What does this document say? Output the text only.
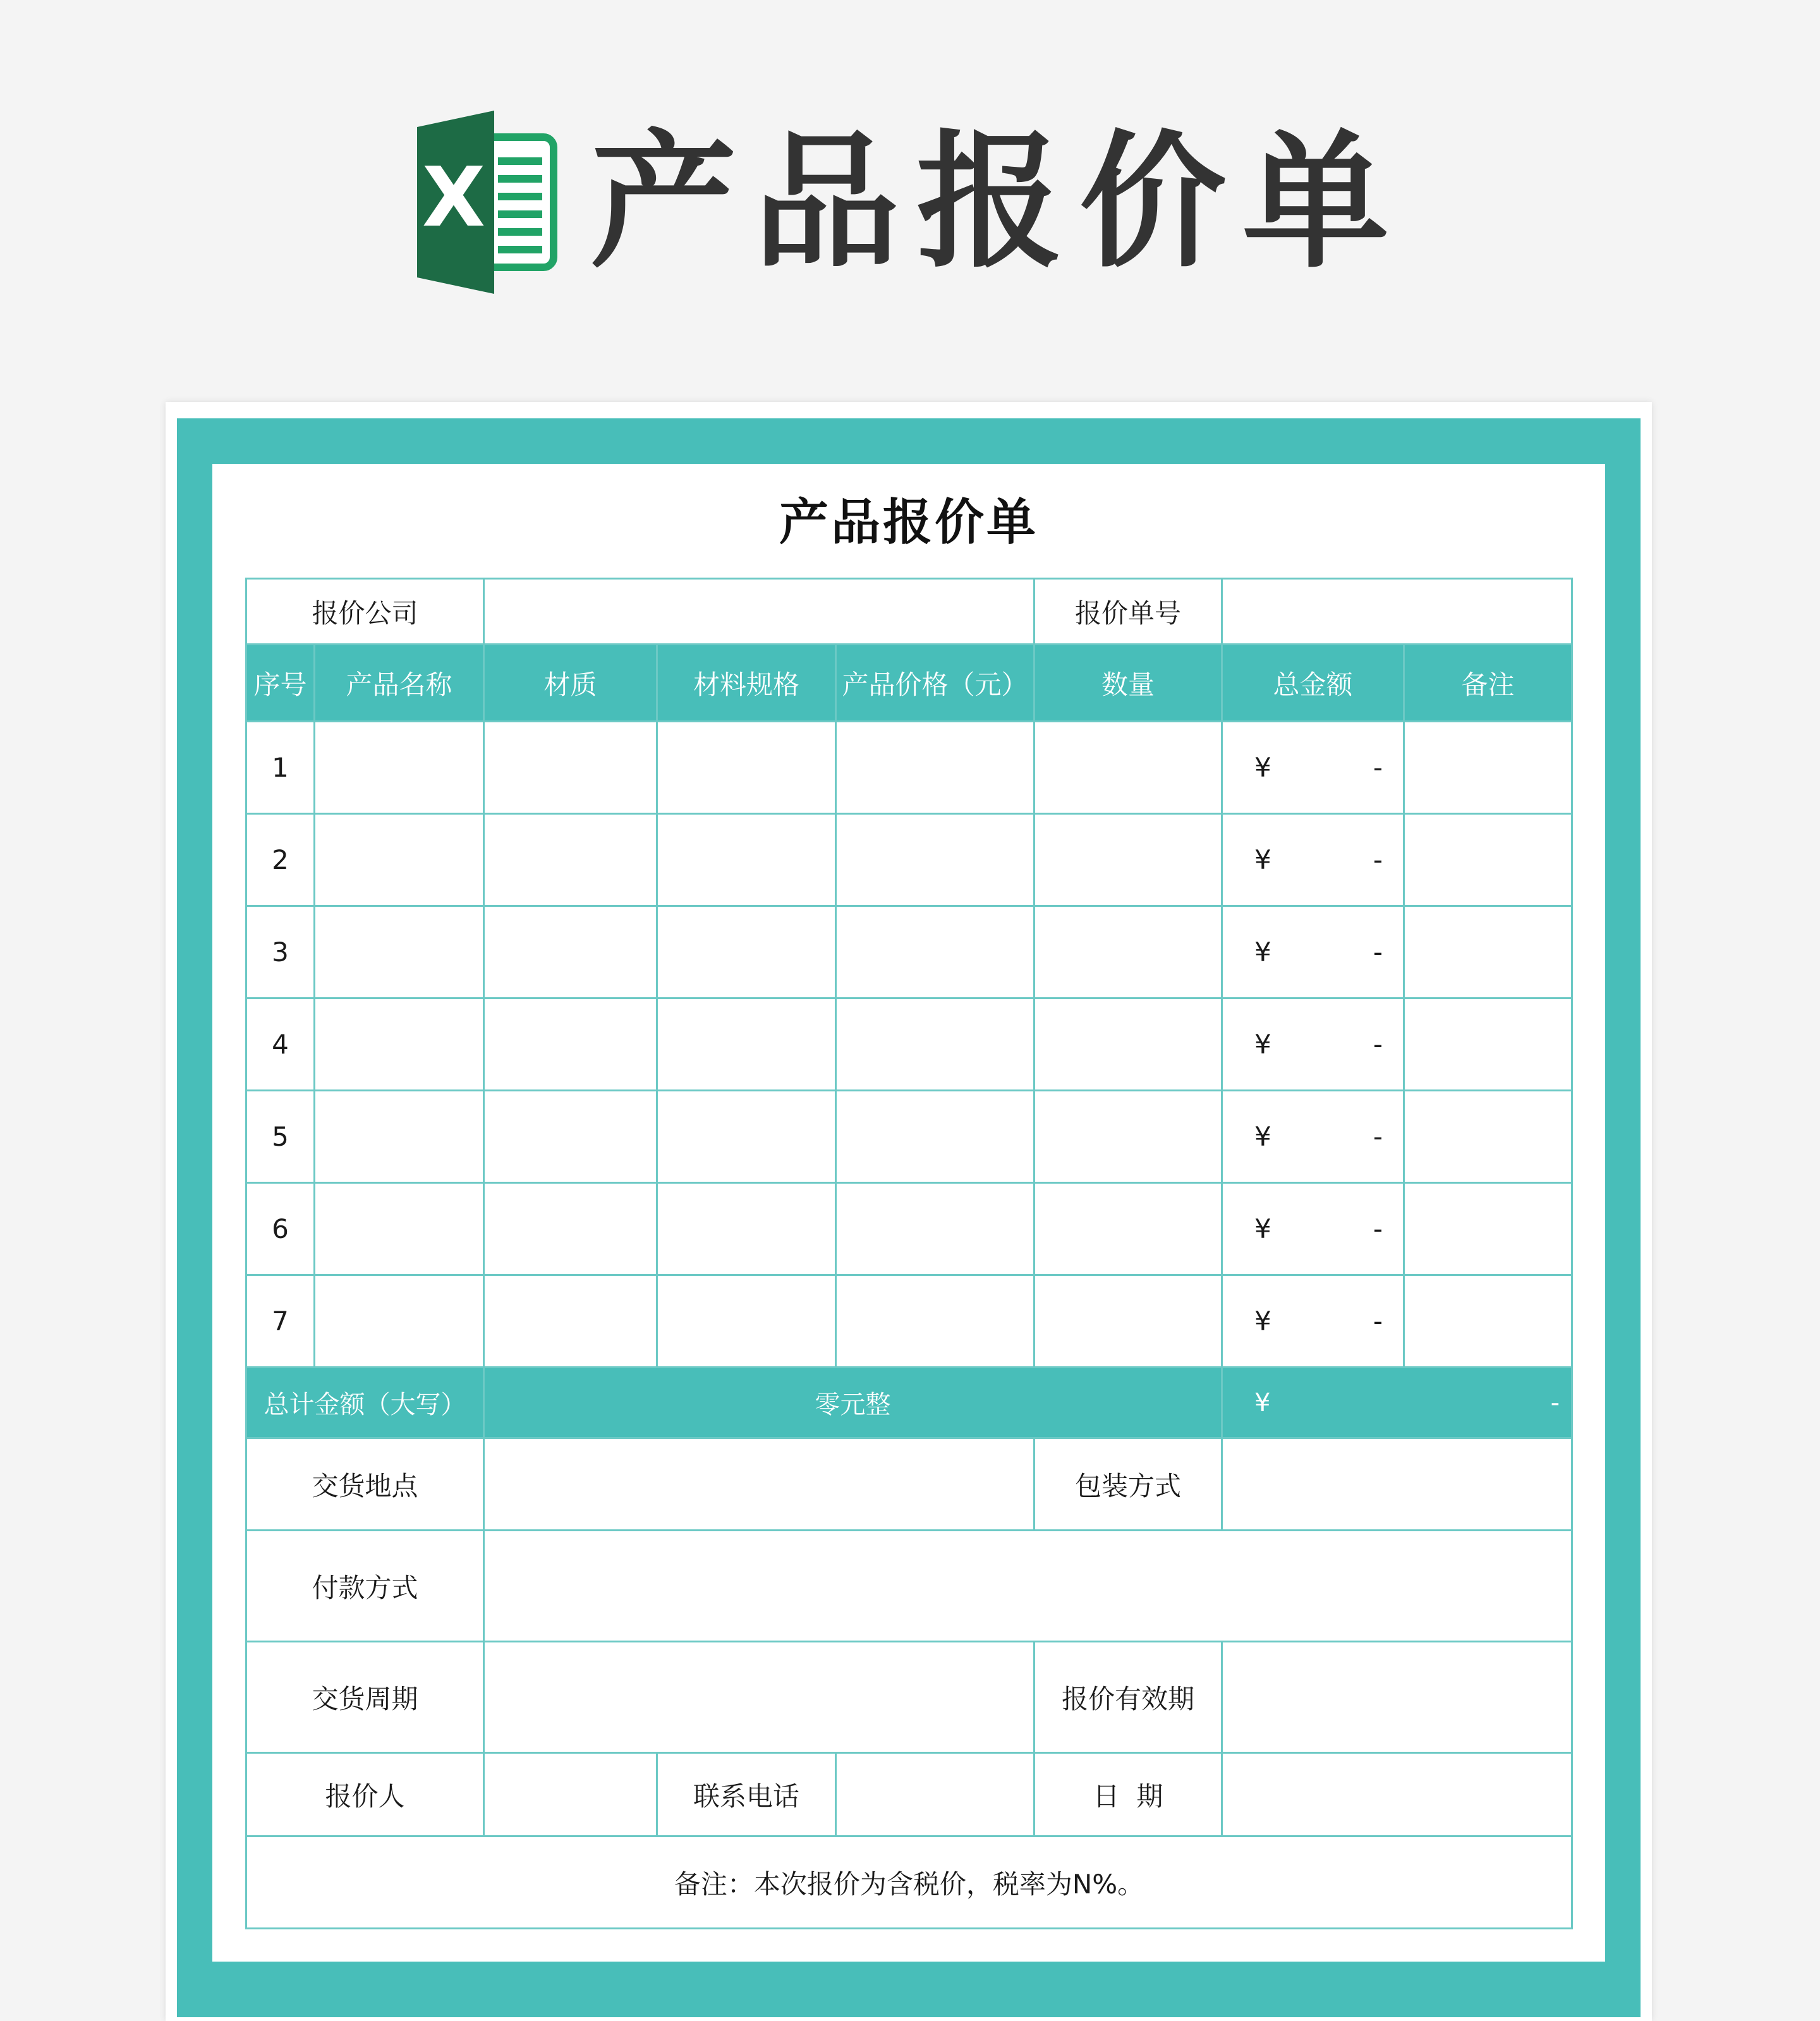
X 产品报价单
产品报价单
报价公司					报价单号		
序号	产品名称	材质	材料规格	产品价格（元）	数量	总金额	备注
1						¥ -	

2						¥ -	

3						¥ -	

4						¥ -	

5						¥ -	

6						¥ -	

7						¥ -	

总计金额（大写）		零元整				¥ -	

交货地点					包装方式		
付款方式							
交货周期					报价有效期		
报价人			联系电话		日  期		
备注：本次报价为含税价，税率为N%。							
